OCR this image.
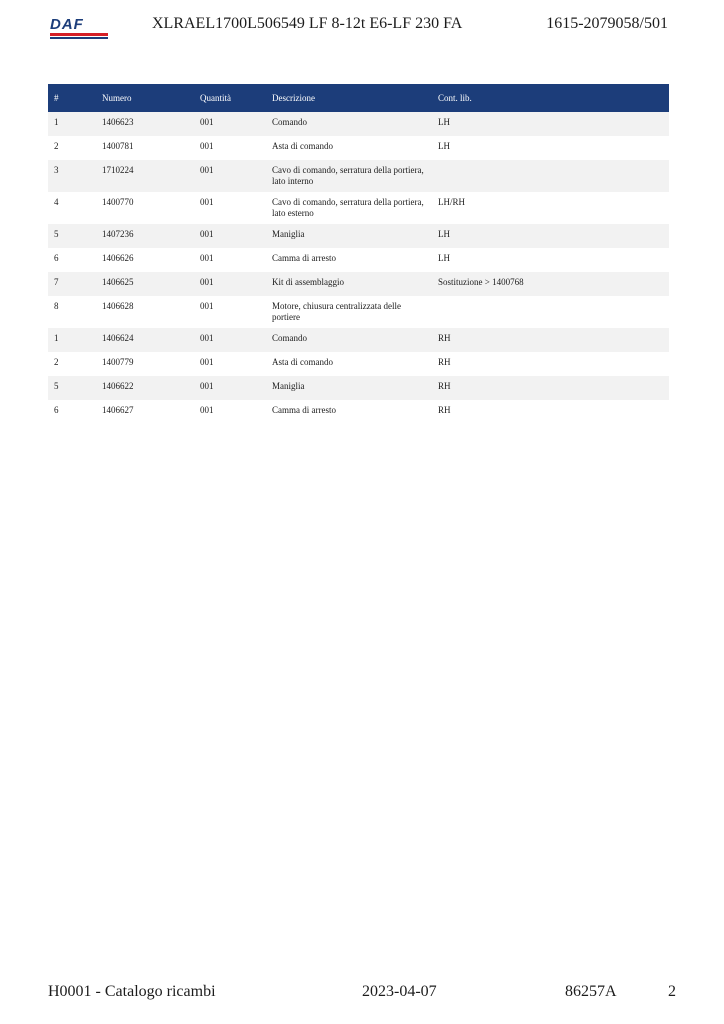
DAF	XLRAEL1700L506549 LF 8-12t E6-LF 230 FA	1615-2079058/501
#	Numero	Quantità	Descrizione	Cont. lib.
1	1406623	001	Comando	LH
2	1400781	001	Asta di comando	LH
3	1710224	001	Cavo di comando, serratura della portiera, lato interno	
4	1400770	001	Cavo di comando, serratura della portiera, lato esterno	LH/RH
5	1407236	001	Maniglia	LH
6	1406626	001	Camma di arresto	LH
7	1406625	001	Kit di assemblaggio	Sostituzione > 1400768
8	1406628	001	Motore, chiusura centralizzata delle portiere	
1	1406624	001	Comando	RH
2	1400779	001	Asta di comando	RH
5	1406622	001	Maniglia	RH
6	1406627	001	Camma di arresto	RH
H0001 - Catalogo ricambi	2023-04-07	86257A	2
